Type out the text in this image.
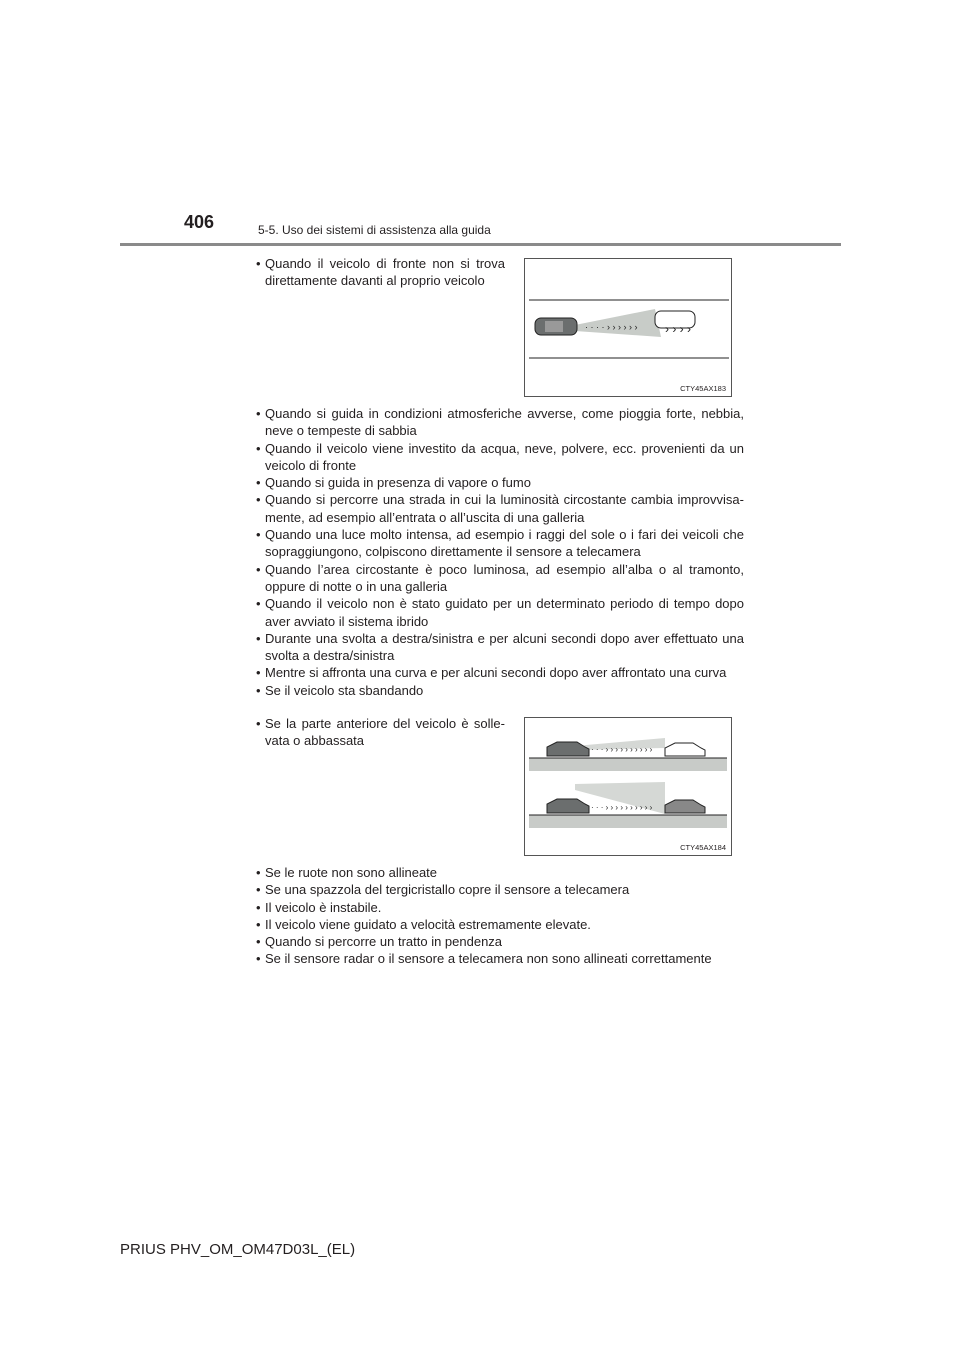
406	5-5. Uso dei sistemi di assistenza alla guida
• Quando il veicolo di fronte non si trova direttamente davanti al proprio veicolo
· · · · › › › › › › › › › ›
CTY45AX183
• Quando si guida in condizioni atmosferiche avverse, come pioggia forte, nebbia, neve o tempeste di sabbia
• Quando il veicolo viene investito da acqua, neve, polvere, ecc. provenienti da un veicolo di fronte
• Quando si guida in presenza di vapore o fumo
• Quando si percorre una strada in cui la luminosità circostante cambia improvvisamente, ad esempio all’entrata o all’uscita di una galleria
• Quando una luce molto intensa, ad esempio i raggi del sole o i fari dei veicoli che sopraggiungono, colpiscono direttamente il sensore a telecamera
• Quando l’area circostante è poco luminosa, ad esempio all’alba o al tramonto, oppure di notte o in una galleria
• Quando il veicolo non è stato guidato per un determinato periodo di tempo dopo aver avviato il sistema ibrido
• Durante una svolta a destra/sinistra e per alcuni secondi dopo aver effettuato una svolta a destra/sinistra
• Mentre si affronta una curva e per alcuni secondi dopo aver affrontato una curva
• Se il veicolo sta sbandando
• Se la parte anteriore del veicolo è sollevata o abbassata
· · · › › › › › › › › › ›
· · · › › › › › › › › › ›
CTY45AX184
• Se le ruote non sono allineate
• Se una spazzola del tergicristallo copre il sensore a telecamera
• Il veicolo è instabile.
• Il veicolo viene guidato a velocità estremamente elevate.
• Quando si percorre un tratto in pendenza
• Se il sensore radar o il sensore a telecamera non sono allineati correttamente
PRIUS PHV_OM_OM47D03L_(EL)
